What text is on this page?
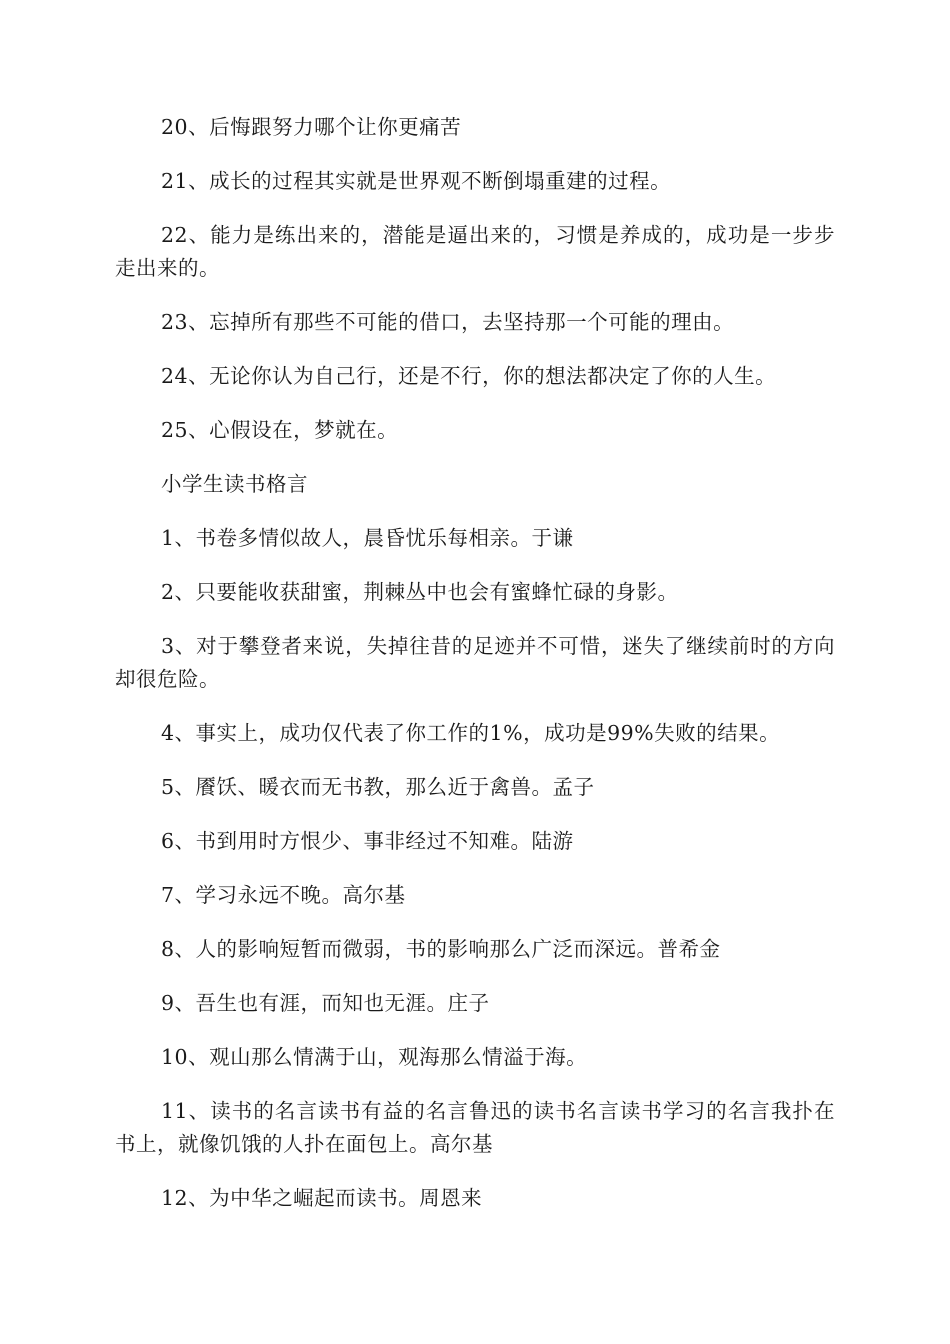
20、后悔跟努力哪个让你更痛苦

21、成长的过程其实就是世界观不断倒塌重建的过程。

22、能力是练出来的，潜能是逼出来的，习惯是养成的，成功是一步步走出来的。

23、忘掉所有那些不可能的借口，去坚持那一个可能的理由。

24、无论你认为自己行，还是不行，你的想法都决定了你的人生。

25、心假设在，梦就在。

小学生读书格言

1、书卷多情似故人，晨昏忧乐每相亲。于谦

2、只要能收获甜蜜，荆棘丛中也会有蜜蜂忙碌的身影。

3、对于攀登者来说，失掉往昔的足迹并不可惜，迷失了继续前时的方向却很危险。

4、事实上，成功仅代表了你工作的1%，成功是99%失败的结果。

5、餍饫、暖衣而无书教，那么近于禽兽。孟子

6、书到用时方恨少、事非经过不知难。陆游

7、学习永远不晚。高尔基

8、人的影响短暂而微弱，书的影响那么广泛而深远。普希金

9、吾生也有涯，而知也无涯。庄子

10、观山那么情满于山，观海那么情溢于海。

11、读书的名言读书有益的名言鲁迅的读书名言读书学习的名言我扑在书上，就像饥饿的人扑在面包上。高尔基

12、为中华之崛起而读书。周恩来
